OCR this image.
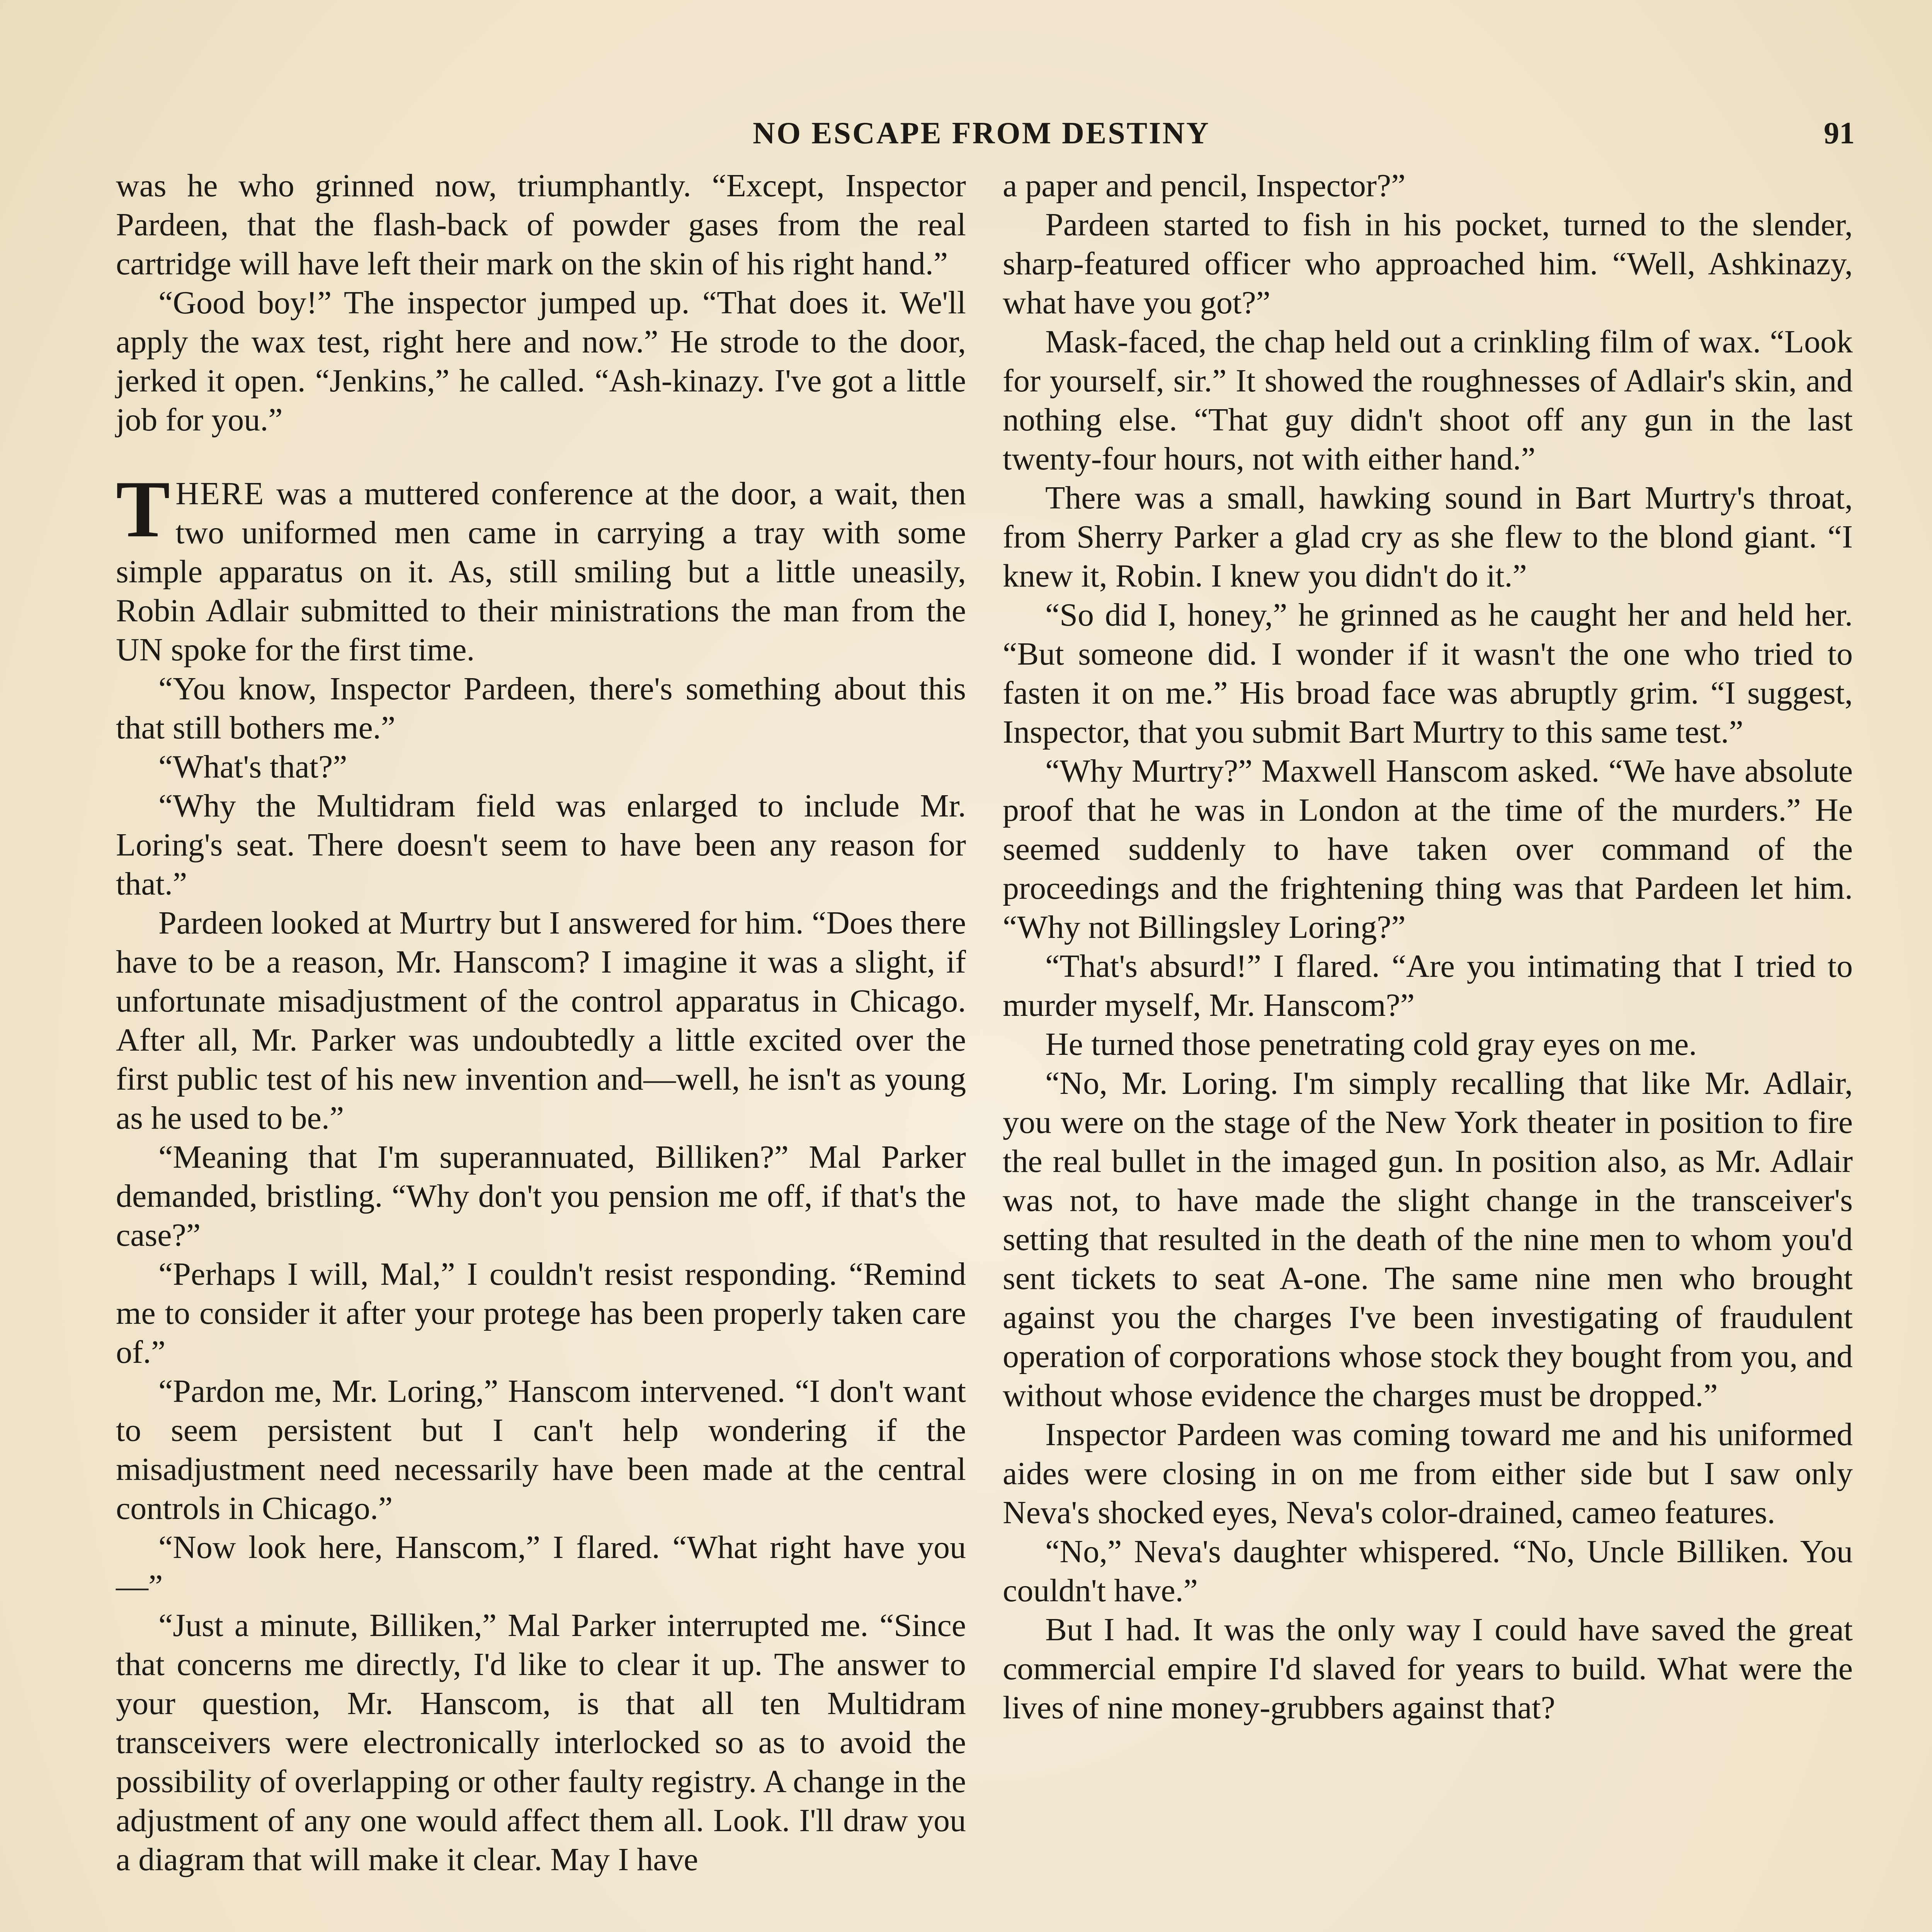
NO ESCAPE FROM DESTINY	91

was he who grinned now, triumphantly. “Except, Inspector Pardeen, that the flash-back of powder gases from the real cartridge will have left their mark on the skin of his right hand.”

“Good boy!” The inspector jumped up. “That does it. We'll apply the wax test, right here and now.” He strode to the door, jerked it open. “Jenkins,” he called. “Ash-kinazy. I've got a little job for you.”

THERE was a muttered conference at the door, a wait, then two uniformed men came in carrying a tray with some simple apparatus on it. As, still smiling but a little uneasily, Robin Adlair submitted to their ministrations the man from the UN spoke for the first time.

“You know, Inspector Pardeen, there's something about this that still bothers me.”

“What's that?”

“Why the Multidram field was enlarged to include Mr. Loring's seat. There doesn't seem to have been any reason for that.”

Pardeen looked at Murtry but I answered for him. “Does there have to be a reason, Mr. Hanscom? I imagine it was a slight, if unfortunate misadjustment of the control apparatus in Chicago. After all, Mr. Parker was undoubtedly a little excited over the first public test of his new invention and—well, he isn't as young as he used to be.”

“Meaning that I'm superannuated, Billiken?” Mal Parker demanded, bristling. “Why don't you pension me off, if that's the case?”

“Perhaps I will, Mal,” I couldn't resist responding. “Remind me to consider it after your protege has been properly taken care of.”

“Pardon me, Mr. Loring,” Hanscom intervened. “I don't want to seem persistent but I can't help wondering if the misadjustment need necessarily have been made at the central controls in Chicago.”

“Now look here, Hanscom,” I flared. “What right have you—”

“Just a minute, Billiken,” Mal Parker interrupted me. “Since that concerns me directly, I'd like to clear it up. The answer to your question, Mr. Hanscom, is that all ten Multidram transceivers were electronically interlocked so as to avoid the possibility of overlapping or other faulty registry. A change in the adjustment of any one would affect them all. Look. I'll draw you a diagram that will make it clear. May I have

a paper and pencil, Inspector?”

Pardeen started to fish in his pocket, turned to the slender, sharp-featured officer who approached him. “Well, Ashkinazy, what have you got?”

Mask-faced, the chap held out a crinkling film of wax. “Look for yourself, sir.” It showed the roughnesses of Adlair's skin, and nothing else. “That guy didn't shoot off any gun in the last twenty-four hours, not with either hand.”

There was a small, hawking sound in Bart Murtry's throat, from Sherry Parker a glad cry as she flew to the blond giant. “I knew it, Robin. I knew you didn't do it.”

“So did I, honey,” he grinned as he caught her and held her. “But someone did. I wonder if it wasn't the one who tried to fasten it on me.” His broad face was abruptly grim. “I suggest, Inspector, that you submit Bart Murtry to this same test.”

“Why Murtry?” Maxwell Hanscom asked. “We have absolute proof that he was in London at the time of the murders.” He seemed suddenly to have taken over command of the proceedings and the frightening thing was that Pardeen let him. “Why not Billingsley Loring?”

“That's absurd!” I flared. “Are you intimating that I tried to murder myself, Mr. Hanscom?”

He turned those penetrating cold gray eyes on me.

“No, Mr. Loring. I'm simply recalling that like Mr. Adlair, you were on the stage of the New York theater in position to fire the real bullet in the imaged gun. In position also, as Mr. Adlair was not, to have made the slight change in the transceiver's setting that resulted in the death of the nine men to whom you'd sent tickets to seat A-one. The same nine men who brought against you the charges I've been investigating of fraudulent operation of corporations whose stock they bought from you, and without whose evidence the charges must be dropped.”

Inspector Pardeen was coming toward me and his uniformed aides were closing in on me from either side but I saw only Neva's shocked eyes, Neva's color-drained, cameo features.

“No,” Neva's daughter whispered. “No, Uncle Billiken. You couldn't have.”

But I had. It was the only way I could have saved the great commercial empire I'd slaved for years to build. What were the lives of nine money-grubbers against that?
